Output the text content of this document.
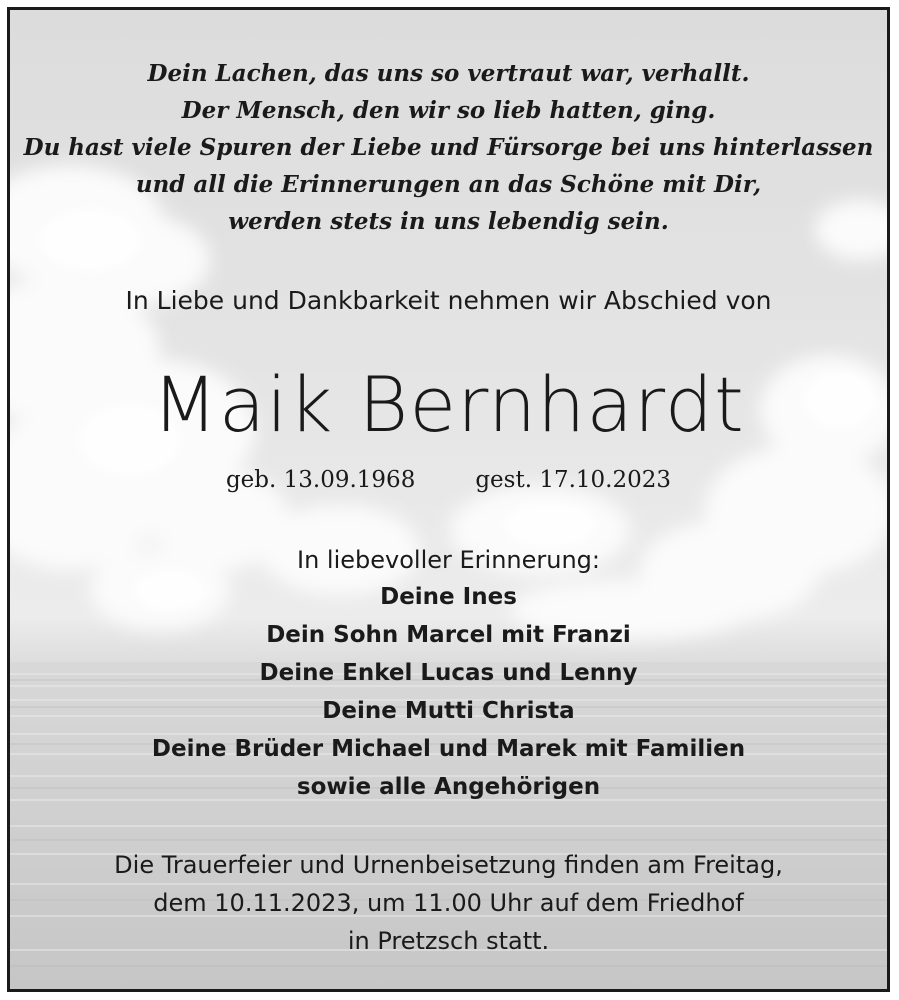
Dein Lachen, das uns so vertraut war, verhallt.
Der Mensch, den wir so lieb hatten, ging.
Du hast viele Spuren der Liebe und Fürsorge bei uns hinterlassen
und all die Erinnerungen an das Schöne mit Dir,
werden stets in uns lebendig sein.
In Liebe und Dankbarkeit nehmen wir Abschied von
Maik Bernhardt
geb. 13.09.1968	gest. 17.10.2023
In liebevoller Erinnerung:
Deine Ines
Dein Sohn Marcel mit Franzi
Deine Enkel Lucas und Lenny
Deine Mutti Christa
Deine Brüder Michael und Marek mit Familien
sowie alle Angehörigen
Die Trauerfeier und Urnenbeisetzung finden am Freitag,
dem 10.11.2023, um 11.00 Uhr auf dem Friedhof
in Pretzsch statt.
